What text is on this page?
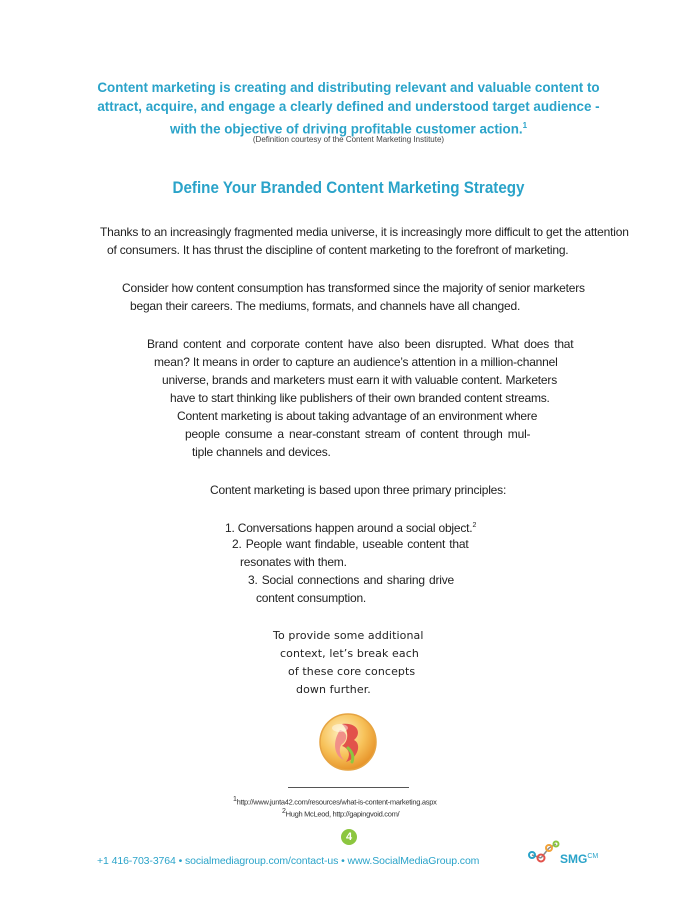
Content marketing is creating and distributing relevant and valuable content to
attract, acquire, and engage a clearly defined and understood target audience -
with the objective of driving profitable customer action.$^1$
(Definition courtesy of the Content Marketing Institute)
Define Your Branded Content Marketing Strategy
Thanks to an increasingly fragmented media universe, it is increasingly more difficult to get the attention
of consumers. It has thrust the discipline of content marketing to the forefront of marketing.
Consider how content consumption has transformed since the majority of senior marketers
began their careers. The mediums, formats, and channels have all changed.
Brand content and corporate content have also been disrupted. What does that
mean? It means in order to capture an audience’s attention in a million-channel
universe, brands and marketers must earn it with valuable content. Marketers
have to start thinking like publishers of their own branded content streams.
Content marketing is about taking advantage of an environment where
people consume a near-constant stream of content through mul-
tiple channels and devices.
Content marketing is based upon three primary principles:
1. Conversations happen around a social object.$^2$
2. People want findable, useable content that
resonates with them.
3. Social connections and sharing drive
content consumption.
To provide some additional
context, let’s break each
of these core concepts
down further.
$^1$http://www.junta42.com/resources/what-is-content-marketing.aspx
$^2$Hugh McLeod, http://gapingvoid.com/
4
+1 416-703-3764 • socialmediagroup.com/contact-us • www.SocialMediaGroup.com	$SMG^{CM}$
